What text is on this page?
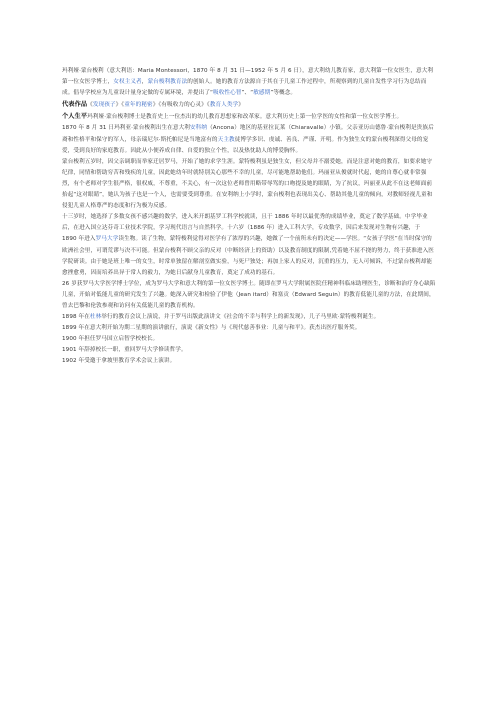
玛利娅·蒙台梭利（意大利语：Maria Montessori，1870 年 8 月 31 日—1952 年 5 月 6 日），意大利幼儿教育家，意大利第一位女医生，意大利第一位女医学博士，女权主义者，蒙台梭利教育法的创始人。她的教育方法源自于其在于儿童工作过程中，所观察到的儿童自发性学习行为总结而成。倡导学校应为儿童设计量身定做的专属环境，并提出了“吸收性心智”、“敏感期”等概念。

代表作品《发现孩子》《童年的秘密》《有吸收力的心灵》《教育人类学》

个人生平玛利娅·蒙台梭利博士是教育史上一位杰出的幼儿教育思想家和改革家。意大利历史上第一位学医的女性和第一位女医学博士。

1870 年 8 月 31 日玛利亚·蒙台梭利出生在意大利安科纳（Ancona）地区的基亚拉瓦莱（Chiaravalle）小镇。父亲亚历山德鲁·蒙台梭利是贵族后裔和性格平和保守的军人，母亲瑞尼尔·斯托帕尼是当地富有的天主教徒博学多识、虔诚、善良、严谨、开明。作为独生女的蒙台梭利深得父母的宠爱，受到良好的家庭教育。因此从小便养成自律、自爱的独立个性，以及热忱助人的博爱胸怀。

蒙台梭利五岁时，因父亲调职而举家迁居罗马，开始了她的求学生涯。蒙特梭利虽是独生女，但父母并不溺爱她，而是注意对她的教育，如要求她守纪律，同情和帮助穷苦和残疾的儿童，因此她幼年时就特别关心那些不幸的儿童，尽可能地帮助他们。玛丽亚从俊就时代起，她的自尊心就非常强烈，有个老师对学生很严格，很权威，不尊重，不关心，有一次这位老师曾用略带辱骂的口吻提及她的眼睛，为了抗议，玛丽亚从此不在这老师面前抬起“这对眼睛”，她认为孩子也是一个人，也需要受到尊重。在安利纳上小学时，蒙台梭利也表现出关心、帮助其他儿童的倾向，对教师轻视儿童和侵犯儿童人格尊严的态度和行为极为反感。

十三岁时，她选择了多数女孩不感兴趣的数学，进入米开朗基罗工科学校就读，且于 1886 年时以最优秀的成绩毕业，奠定了数学基础。中学毕业后，在进入国立达芬奇工业技术学院，学习现代语言与自然科学。十六岁（1886 年）进入工科大学，专攻数学，因后来发现对生物有兴趣，于 1890 年进入罗马大学读生物。读了生物，蒙特梭利觉得对医学有了浓厚的兴趣，她做了一个前所未有的决定——学医。“女孩子学医”在当时保守的欧洲社会里，可谓荒谬与决不可能。但蒙台梭利不顾父亲的反对（中断经济上的资助）以及教育制度的限制,凭着她不屈不挠的努力，终于获准进入医学院研读。由于她是班上唯一的女生，时常单独留在解剖室做实验，与死尸独处；再加上家人的反对，沉重的压力，无人可倾诉，不过蒙台梭利却能愈挫愈勇，因而培养出异于常人的毅力，为她日后献身儿童教育，奠定了成功的基石。

26 岁获罗马大学医学博士学位，成为罗马大学和意大利的第一位女医学博士。随即在罗马大学附属医院任精神科临床助理医生，诊断和治疗身心缺陷儿童，开始对低能儿童的研究发生了兴趣。她深入研究和检验了伊他（Jean itard）和塞贡（Edward Seguin）的教育低能儿童的方法，在此期间，曾去巴黎和伦敦参观和访问有关低能儿童的教育机构。

1898 年在杜林举行的教育会议上演说，并于罗马出版此演讲文《社会的不幸与科学上的新发现》，儿子马里欧·蒙特梭利诞生。

1899 年在意大利开始为期二星期的演讲旅行，演说《新女性》与《现代慈善事业：儿童与和平》。获杰出医疗服务奖。

1900 年担任罗马国立启智学校校长。

1901 年辞掉校长一职，重回罗马大学修读哲学。

1902 年受邀于拿坡里教育学术会议上演讲。
